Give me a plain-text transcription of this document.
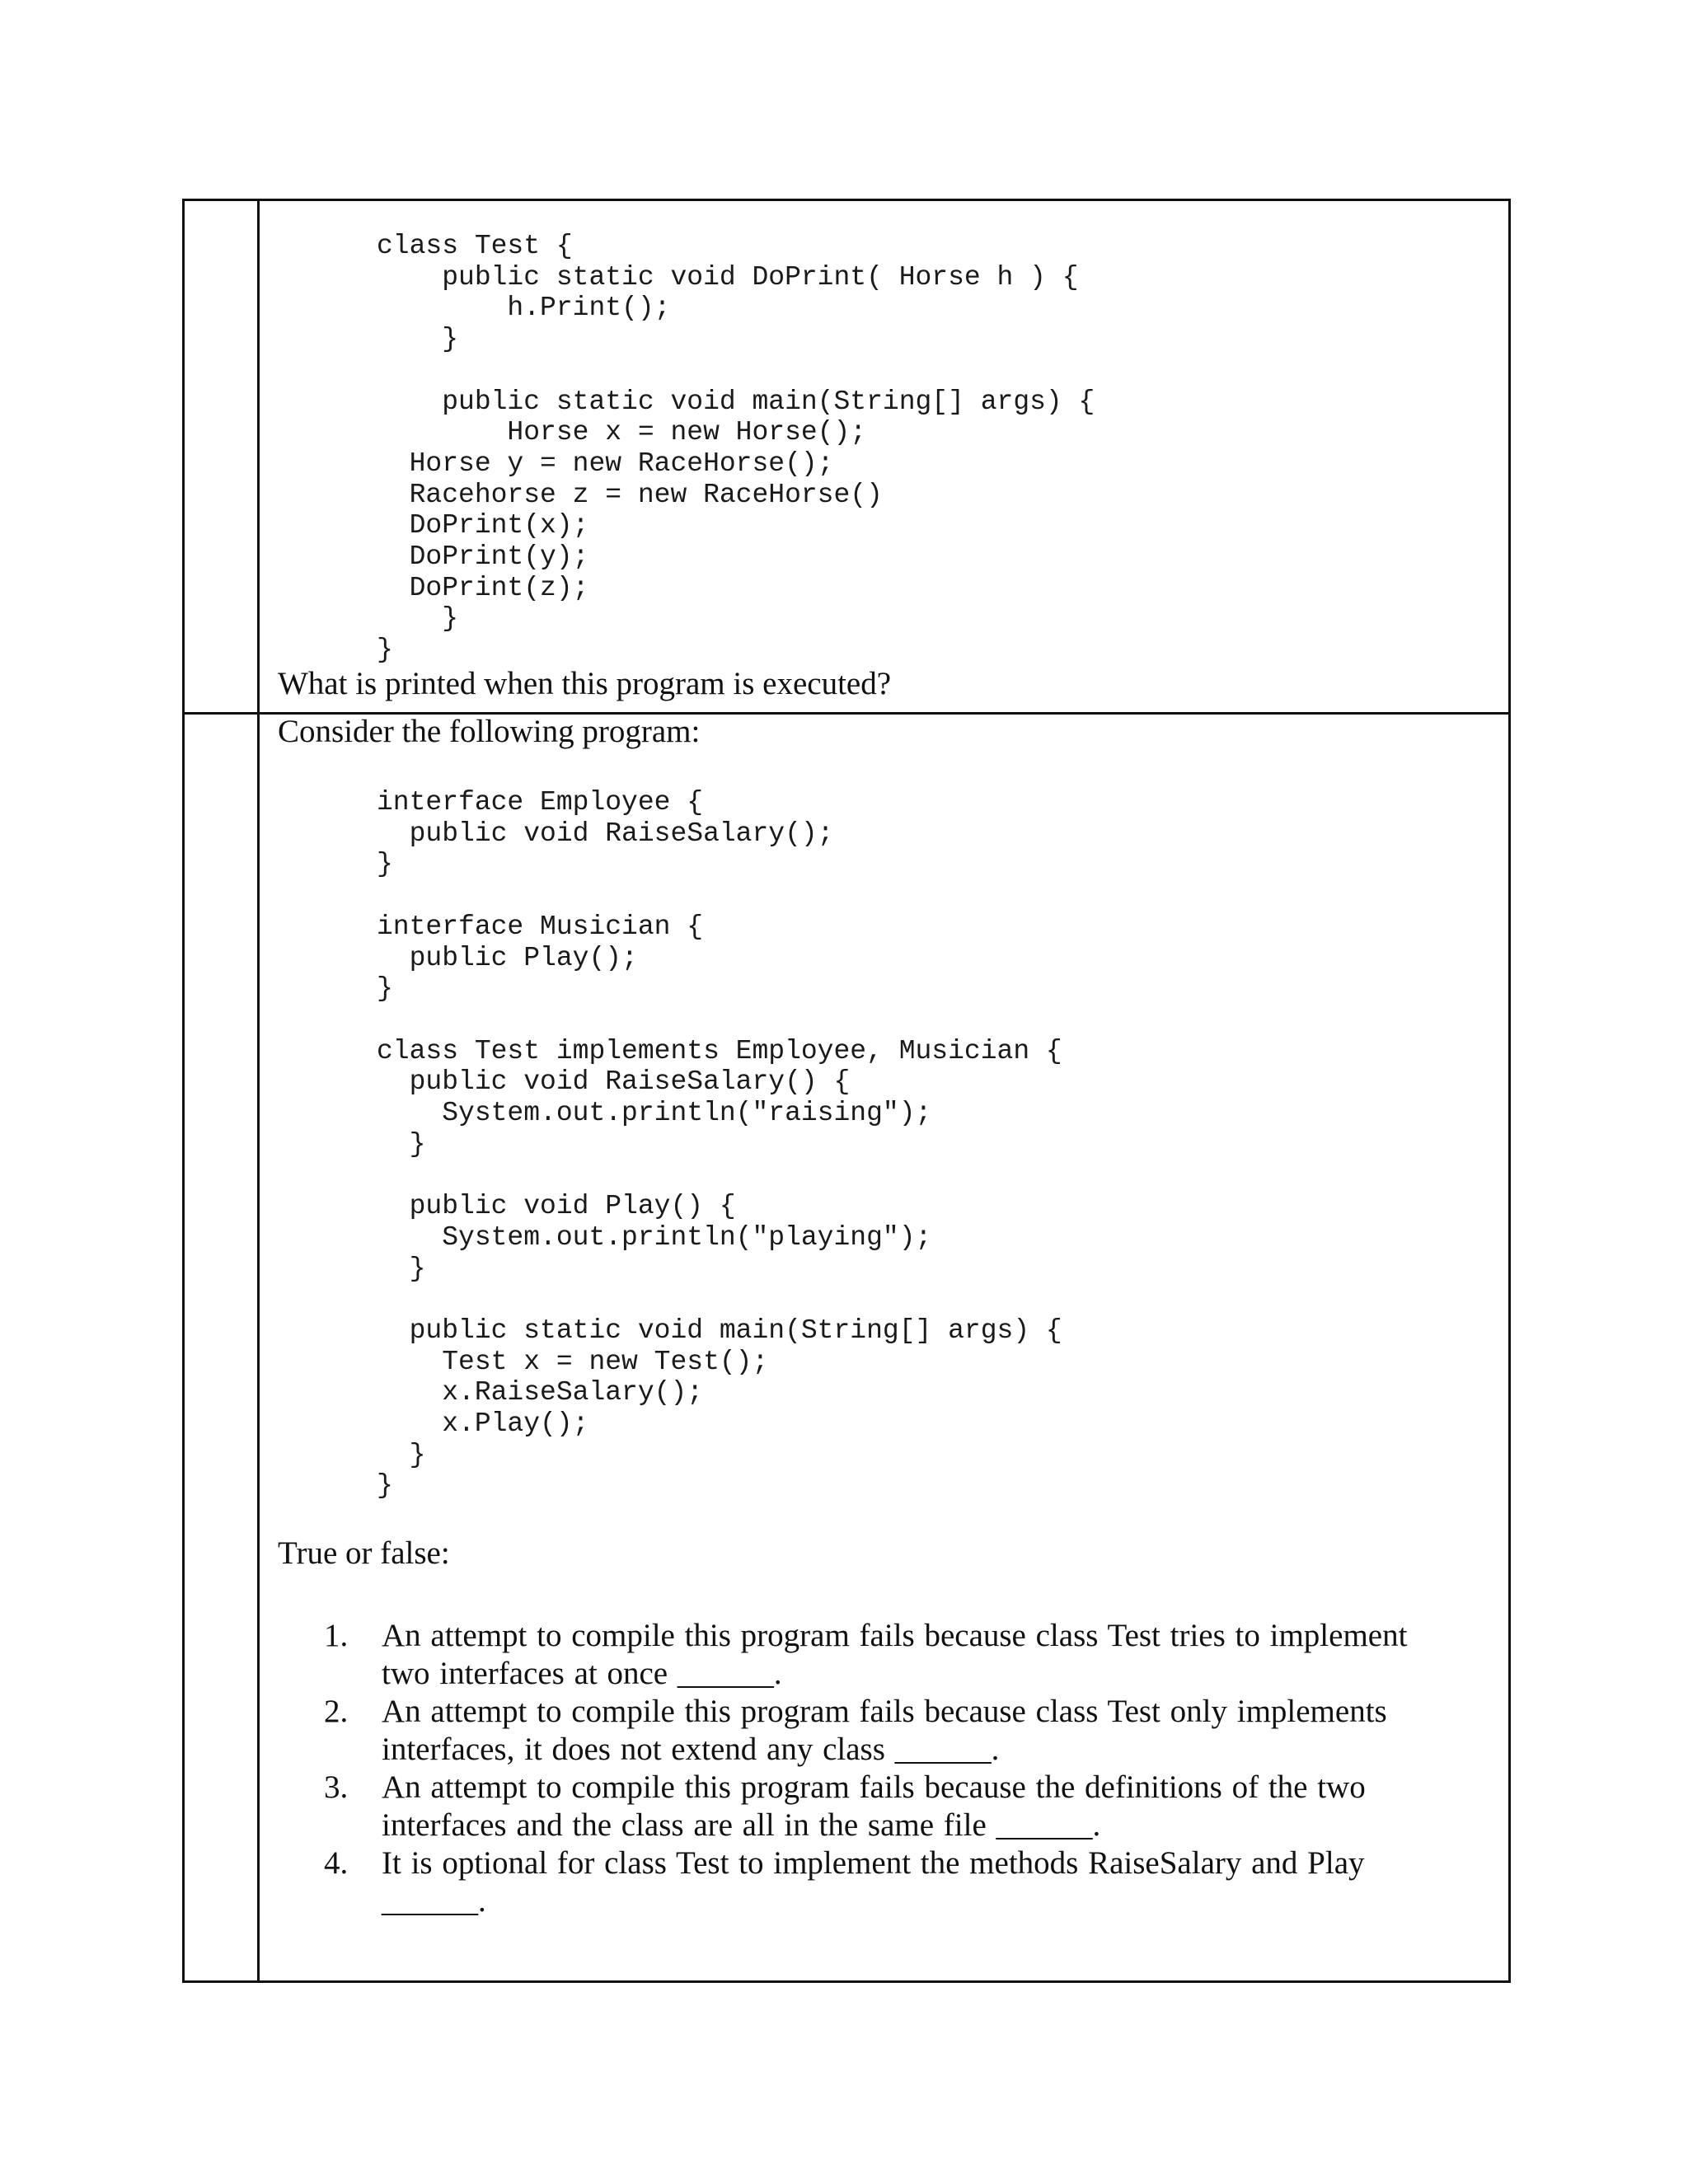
class Test {
public static void DoPrint( Horse h ) {
h.Print();
}

public static void main(String[] args) {
Horse x = new Horse();
Horse y = new RaceHorse();
Racehorse z = new RaceHorse()
DoPrint(x);
DoPrint(y);
DoPrint(z);
}
}
What is printed when this program is executed?
Consider the following program:
interface Employee {
public void RaiseSalary();
}

interface Musician {
public Play();
}

class Test implements Employee, Musician {
public void RaiseSalary() {
System.out.println("raising");
}

public void Play() {
System.out.println("playing");
}

public static void main(String[] args) {
Test x = new Test();
x.RaiseSalary();
x.Play();
}
}
True or false:
1.	An attempt to compile this program fails because class Test tries to implement two interfaces at once ______.
2.	An attempt to compile this program fails because class Test only implements interfaces, it does not extend any class ______.
3.	An attempt to compile this program fails because the definitions of the two interfaces and the class are all in the same file ______.
4.	It is optional for class Test to implement the methods RaiseSalary and Play ______.
